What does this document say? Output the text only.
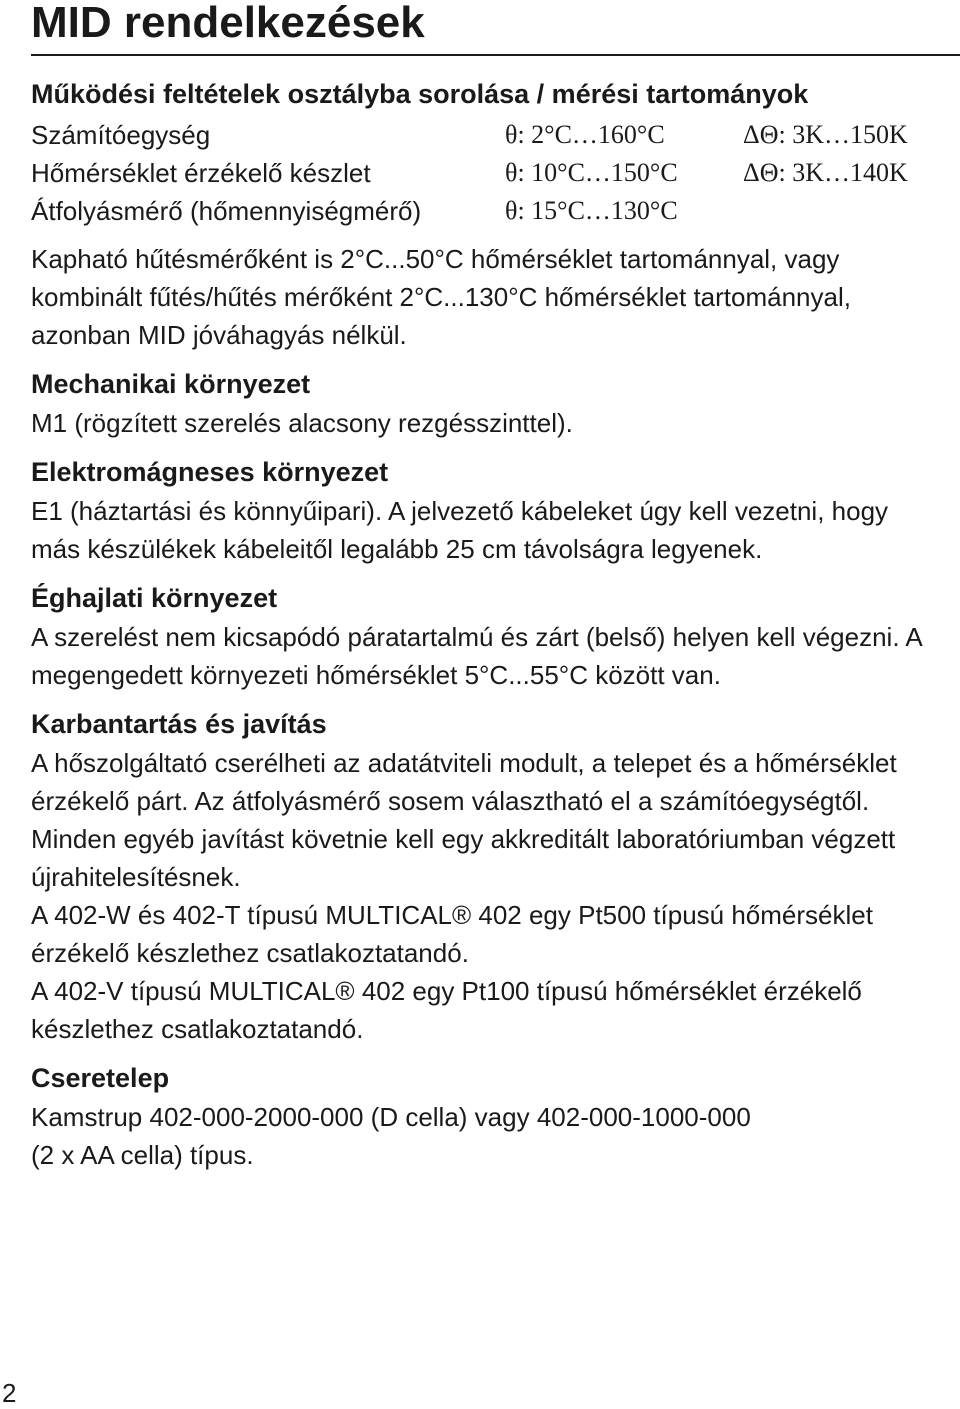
MID rendelkezések

Működési feltételek osztályba sorolása / mérési tartományok

Számítóegység	θ: 2°C…160°C	ΔΘ: 3K…150K
Hőmérséklet érzékelő készlet	θ: 10°C…150°C	ΔΘ: 3K…140K
Átfolyásmérő (hőmennyiségmérő)	θ: 15°C…130°C

Kapható hűtésmérőként is 2°C...50°C hőmérséklet tartománnyal, vagy kombinált fűtés/hűtés mérőként 2°C...130°C hőmérséklet tartománnyal, azonban MID jóváhagyás nélkül.

Mechanikai környezet

M1 (rögzített szerelés alacsony rezgésszinttel).

Elektromágneses környezet

E1 (háztartási és könnyűipari). A jelvezető kábeleket úgy kell vezetni, hogy más készülékek kábeleitől legalább 25 cm távolságra legyenek.

Éghajlati környezet

A szerelést nem kicsapódó páratartalmú és zárt (belső) helyen kell végezni. A megengedett környezeti hőmérséklet 5°C...55°C között van.

Karbantartás és javítás

A hőszolgáltató cserélheti az adatátviteli modult, a telepet és a hőmérséklet érzékelő párt. Az átfolyásmérő sosem választható el a számítóegységtől.

Minden egyéb javítást követnie kell egy akkreditált laboratóriumban végzett újrahitelesítésnek.

A 402-W és 402-T típusú MULTICAL® 402 egy Pt500 típusú hőmérséklet érzékelő készlethez csatlakoztatandó.

A 402-V típusú MULTICAL® 402 egy Pt100 típusú hőmérséklet érzékelő készlethez csatlakoztatandó.

Cseretelep

Kamstrup 402-000-2000-000 (D cella) vagy 402-000-1000-000

(2 x AA cella) típus.

2
